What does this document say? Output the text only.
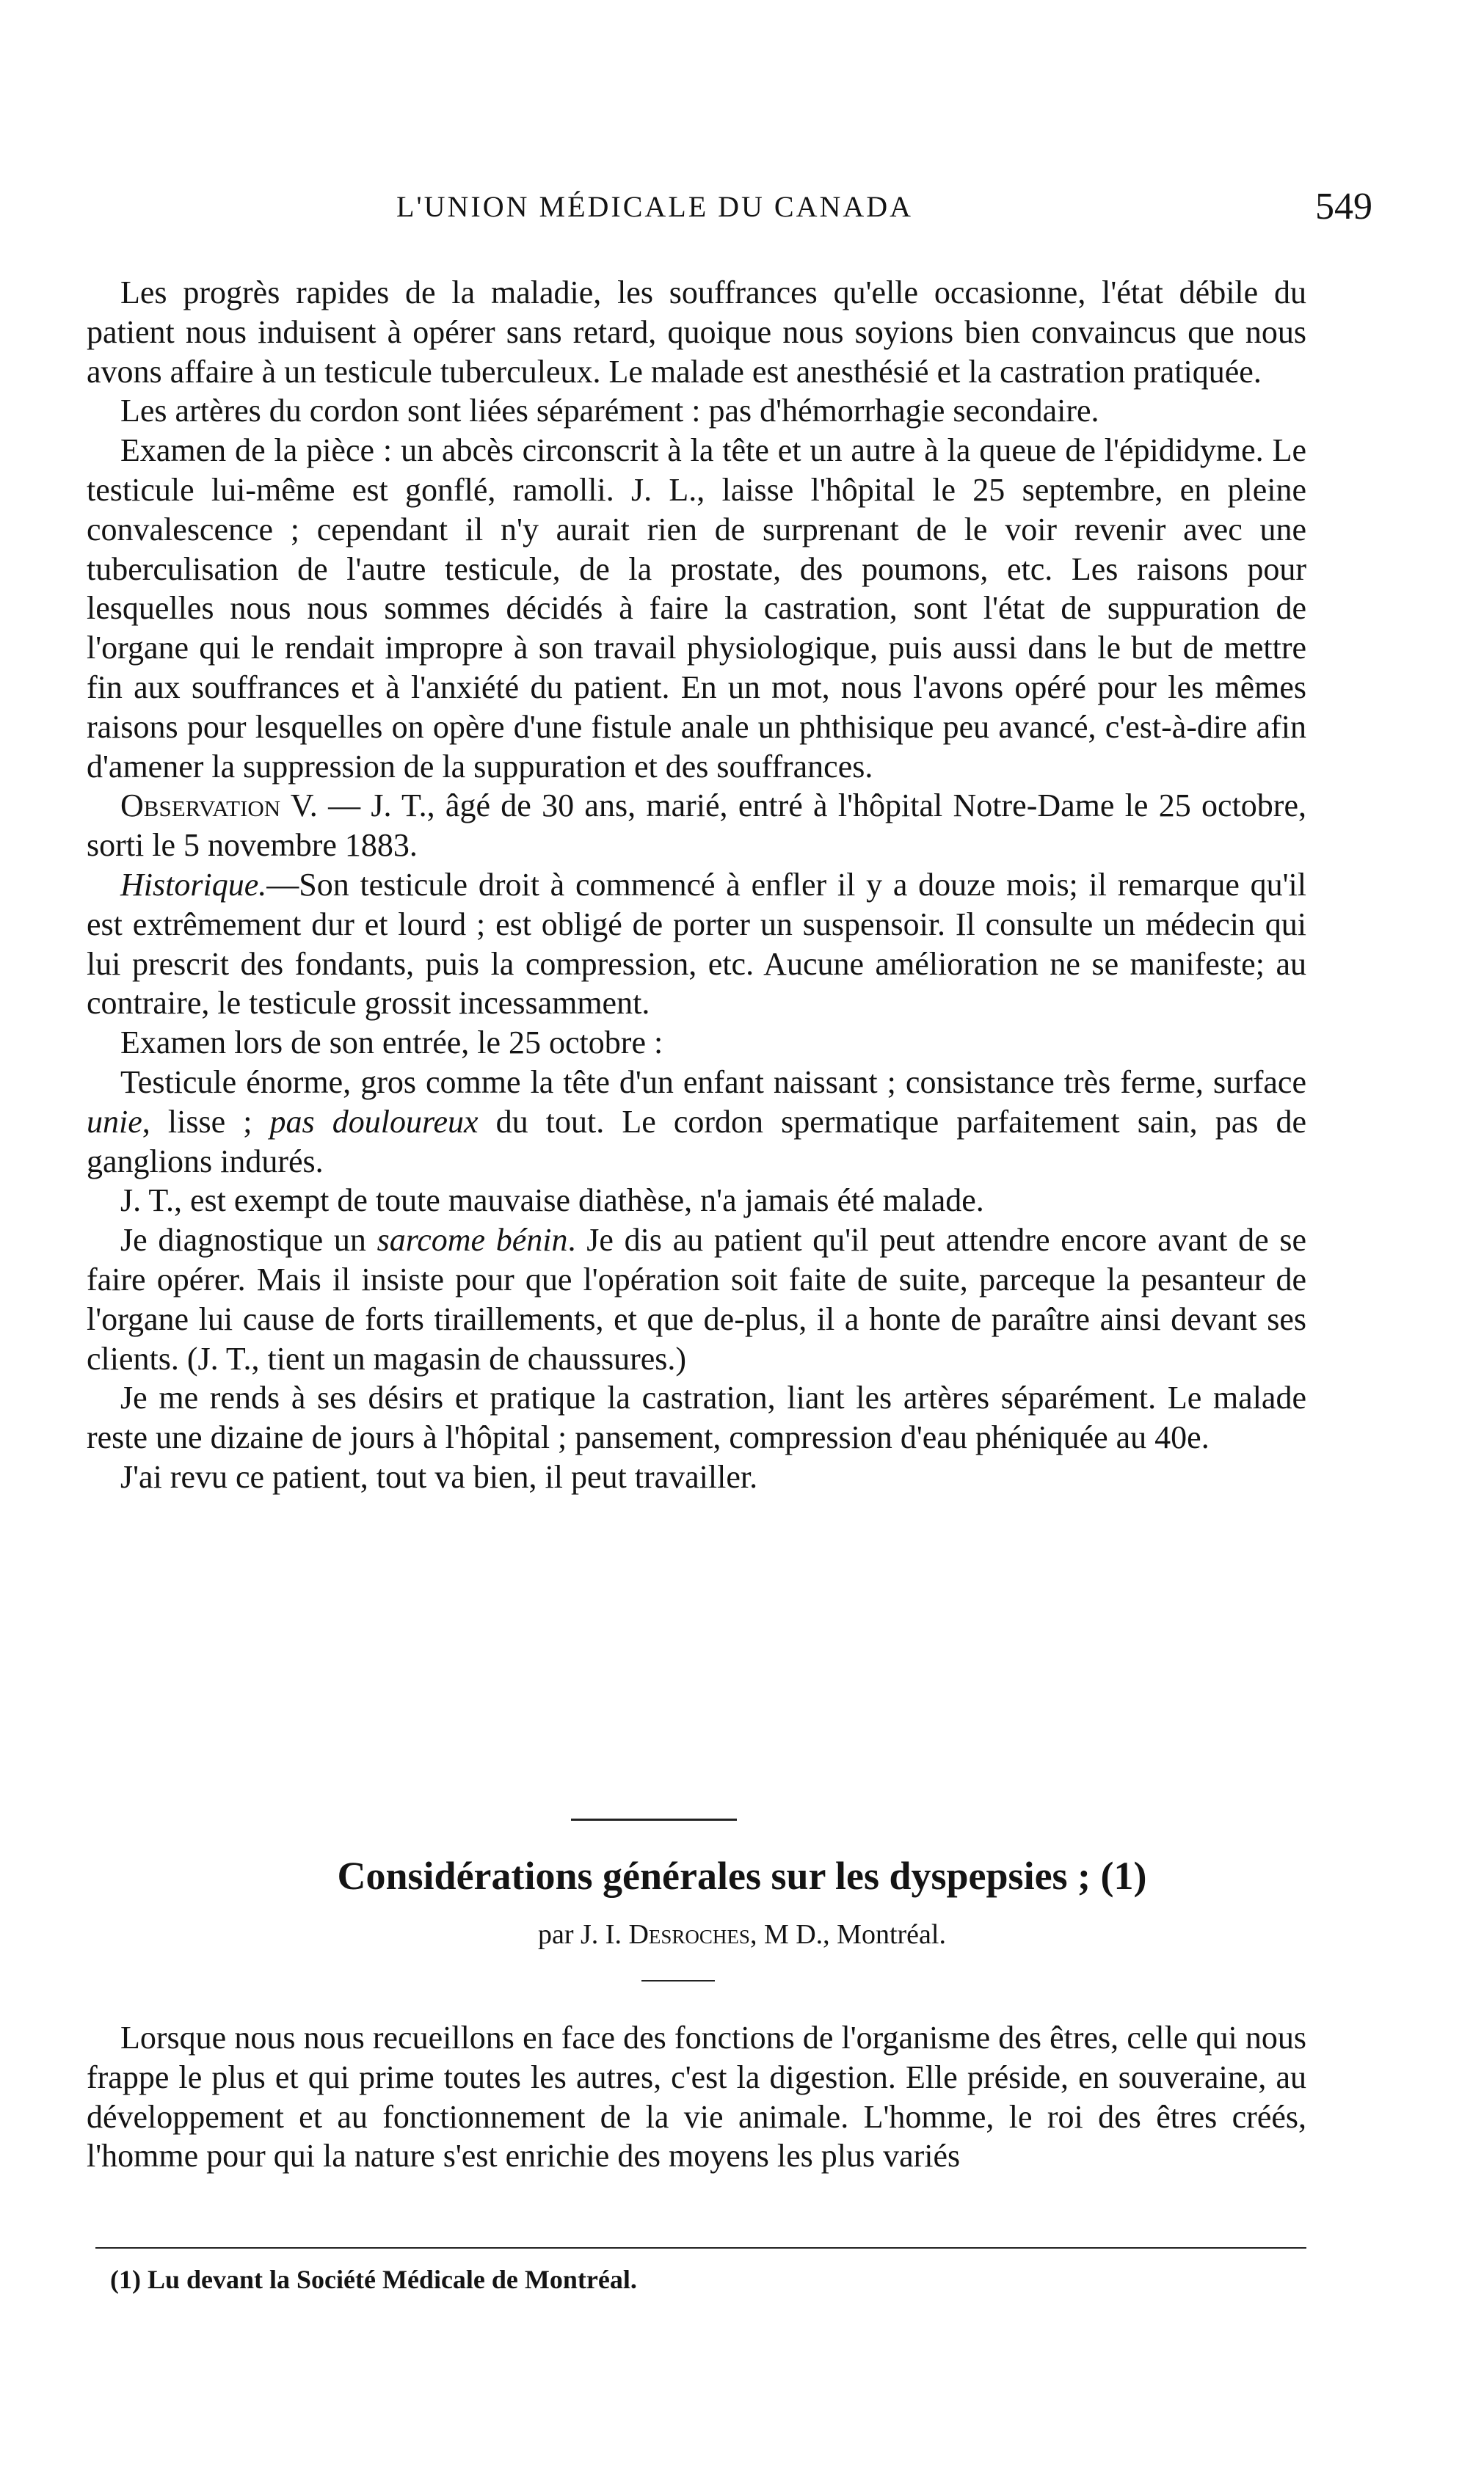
L'UNION MÉDICALE DU CANADA	549

Les progrès rapides de la maladie, les souffrances qu'elle occasionne, l'état débile du patient nous induisent à opérer sans retard, quoique nous soyions bien convaincus que nous avons affaire à un testicule tuberculeux. Le malade est anesthésié et la castration pratiquée.

Les artères du cordon sont liées séparément : pas d'hémorrhagie secondaire.

Examen de la pièce : un abcès circonscrit à la tête et un autre à la queue de l'épididyme. Le testicule lui-même est gonflé, ramolli. J. L., laisse l'hôpital le 25 septembre, en pleine convalescence ; cependant il n'y aurait rien de surprenant de le voir revenir avec une tuberculisation de l'autre testicule, de la prostate, des poumons, etc. Les raisons pour lesquelles nous nous sommes décidés à faire la castration, sont l'état de suppuration de l'organe qui le rendait impropre à son travail physiologique, puis aussi dans le but de mettre fin aux souffrances et à l'anxiété du patient. En un mot, nous l'avons opéré pour les mêmes raisons pour lesquelles on opère d'une fistule anale un phthisique peu avancé, c'est-à-dire afin d'amener la suppression de la suppuration et des souffrances.

Observation V. — J. T., âgé de 30 ans, marié, entré à l'hôpital Notre-Dame le 25 octobre, sorti le 5 novembre 1883.

Historique.—Son testicule droit à commencé à enfler il y a douze mois; il remarque qu'il est extrêmement dur et lourd ; est obligé de porter un suspensoir. Il consulte un médecin qui lui prescrit des fondants, puis la compression, etc. Aucune amélioration ne se manifeste; au contraire, le testicule grossit incessamment.

Examen lors de son entrée, le 25 octobre :

Testicule énorme, gros comme la tête d'un enfant naissant ; consistance très ferme, surface unie, lisse ; pas douloureux du tout. Le cordon spermatique parfaitement sain, pas de ganglions indurés.

J. T., est exempt de toute mauvaise diathèse, n'a jamais été malade.

Je diagnostique un sarcome bénin. Je dis au patient qu'il peut attendre encore avant de se faire opérer. Mais il insiste pour que l'opération soit faite de suite, parceque la pesanteur de l'organe lui cause de forts tiraillements, et que de-plus, il a honte de paraître ainsi devant ses clients. (J. T., tient un magasin de chaussures.)

Je me rends à ses désirs et pratique la castration, liant les artères séparément. Le malade reste une dizaine de jours à l'hôpital ; pansement, compression d'eau phéniquée au 40e.

J'ai revu ce patient, tout va bien, il peut travailler.

Considérations générales sur les dyspepsies ; (1)
par J. I. Desroches, M D., Montréal.

Lorsque nous nous recueillons en face des fonctions de l'organisme des êtres, celle qui nous frappe le plus et qui prime toutes les autres, c'est la digestion. Elle préside, en souveraine, au développement et au fonctionnement de la vie animale. L'homme, le roi des êtres créés, l'homme pour qui la nature s'est enrichie des moyens les plus variés

(1) Lu devant la Société Médicale de Montréal.
